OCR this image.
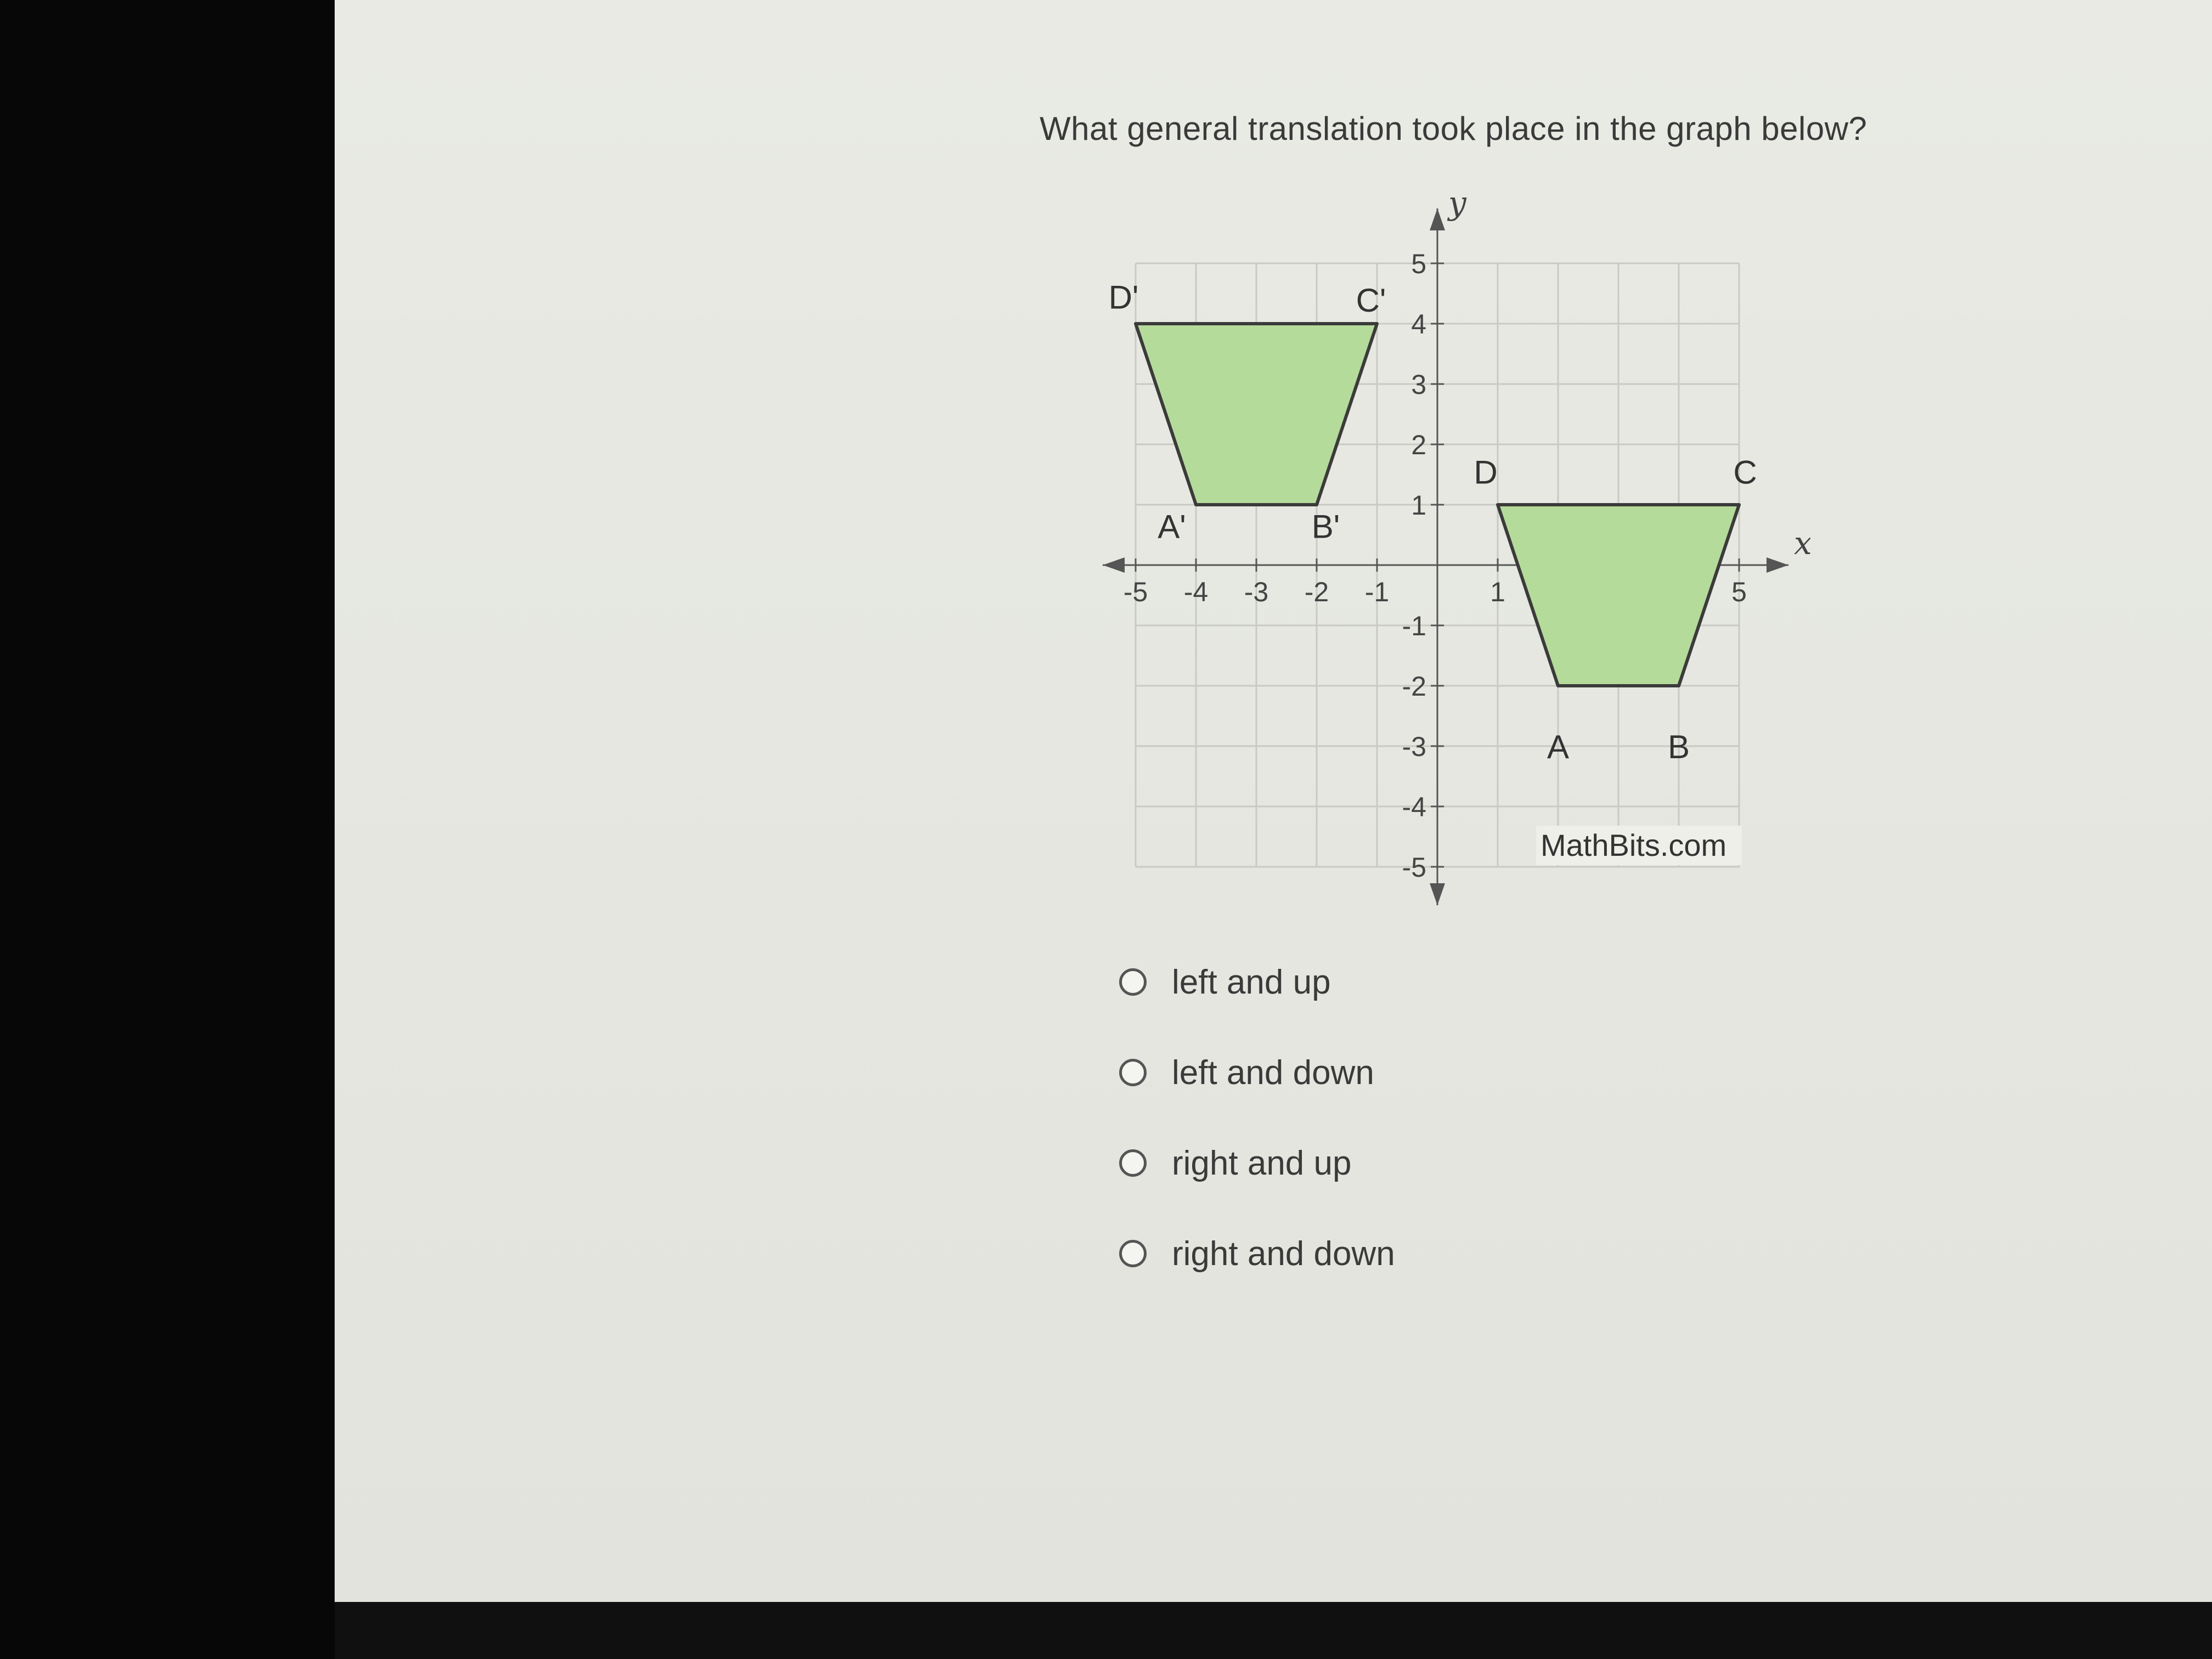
What general translation took place in the graph below?
x
y
-5 -4 -3 -2 -1	1	5
5
4
3
2
1
-1
-2
-3
-4
-5
A	B
C
D
A'	B'
C'
D'
MathBits.com
left and up
left and down
right and up
right and down
